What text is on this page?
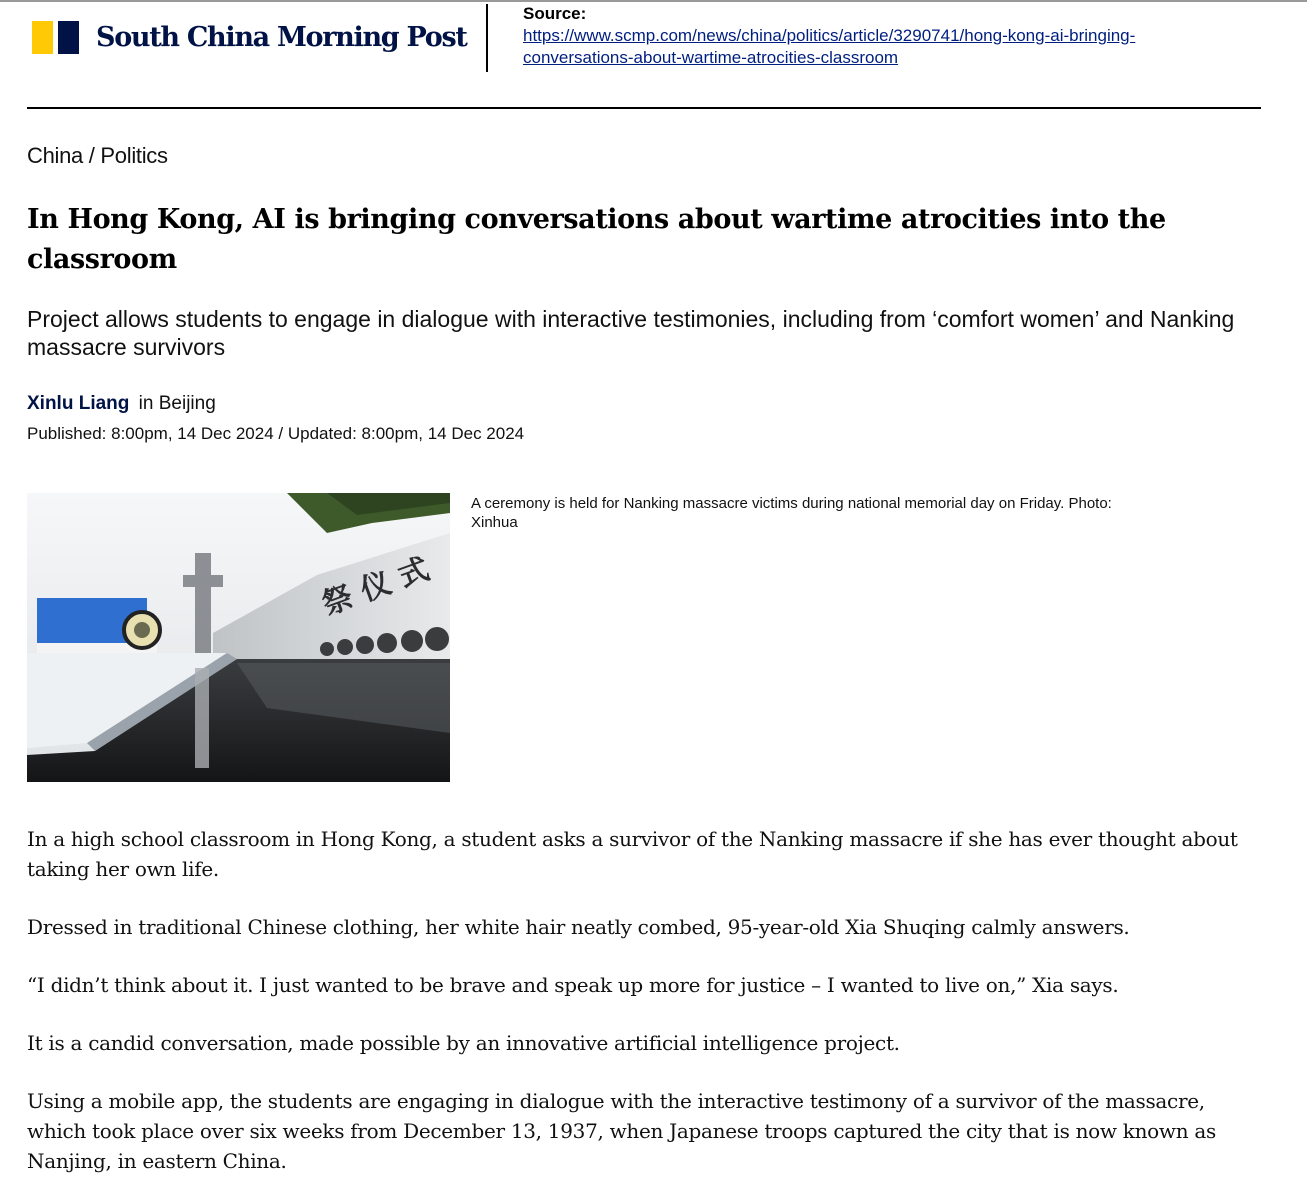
South China Morning Post
Source:
https://www.scmp.com/news/china/politics/article/3290741/hong-kong-ai-bringing-
conversations-about-wartime-atrocities-classroom
China / Politics
In Hong Kong, AI is bringing conversations about wartime atrocities into the classroom

Project allows students to engage in dialogue with interactive testimonies, including from ‘comfort women’ and Nanking massacre survivors

Xinlu Liang in Beijing
Published: 8:00pm, 14 Dec 2024 / Updated: 8:00pm, 14 Dec 2024
祭 仪 式
A ceremony is held for Nanking massacre victims during national memorial day on Friday. Photo: Xinhua

In a high school classroom in Hong Kong, a student asks a survivor of the Nanking massacre if she has ever thought about taking her own life.

Dressed in traditional Chinese clothing, her white hair neatly combed, 95-year-old Xia Shuqing calmly answers.

“I didn’t think about it. I just wanted to be brave and speak up more for justice – I wanted to live on,” Xia says.

It is a candid conversation, made possible by an innovative artificial intelligence project.

Using a mobile app, the students are engaging in dialogue with the interactive testimony of a survivor of the massacre, which took place over six weeks from December 13, 1937, when Japanese troops captured the city that is now known as Nanjing, in eastern China.
